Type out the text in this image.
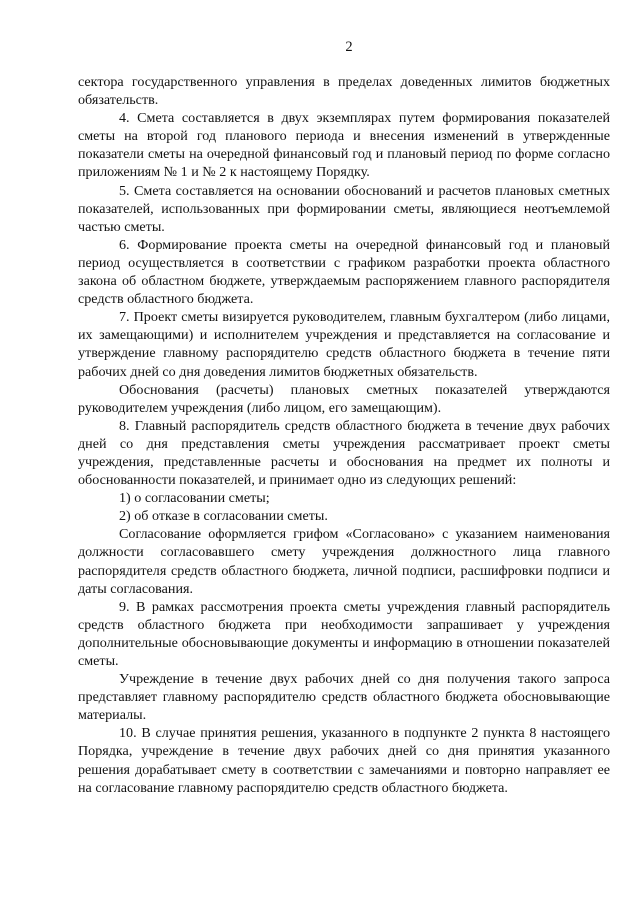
2

сектора государственного управления в пределах доведенных лимитов бюджетных обязательств.

4. Смета составляется в двух экземплярах путем формирования показателей сметы на второй год планового периода и внесения изменений в утвержденные показатели сметы на очередной финансовый год и плановый период по форме согласно приложениям № 1 и № 2 к настоящему Порядку.

5. Смета составляется на основании обоснований и расчетов плановых сметных показателей, использованных при формировании сметы, являющиеся неотъемлемой частью сметы.

6. Формирование проекта сметы на очередной финансовый год и плановый период осуществляется в соответствии с графиком разработки проекта областного закона об областном бюджете, утверждаемым распоряжением главного распорядителя средств областного бюджета.

7. Проект сметы визируется руководителем, главным бухгалтером (либо лицами, их замещающими) и исполнителем учреждения и представляется на согласование и утверждение главному распорядителю средств областного бюджета в течение пяти рабочих дней со дня доведения лимитов бюджетных обязательств.

Обоснования (расчеты) плановых сметных показателей утверждаются руководителем учреждения (либо лицом, его замещающим).

8. Главный распорядитель средств областного бюджета в течение двух рабочих дней со дня представления сметы учреждения рассматривает проект сметы учреждения, представленные расчеты и обоснования на предмет их полноты и обоснованности показателей, и принимает одно из следующих решений:

1) о согласовании сметы;

2) об отказе в согласовании сметы.

Согласование оформляется грифом «Согласовано» с указанием наименования должности согласовавшего смету учреждения должностного лица главного распорядителя средств областного бюджета, личной подписи, расшифровки подписи и даты согласования.

9. В рамках рассмотрения проекта сметы учреждения главный распорядитель средств областного бюджета при необходимости запрашивает у учреждения дополнительные обосновывающие документы и информацию в отношении показателей сметы.

Учреждение в течение двух рабочих дней со дня получения такого запроса представляет главному распорядителю средств областного бюджета обосновывающие материалы.

10. В случае принятия решения, указанного в подпункте 2 пункта 8 настоящего Порядка, учреждение в течение двух рабочих дней со дня принятия указанного решения дорабатывает смету в соответствии с замечаниями и повторно направляет ее на согласование главному распорядителю средств областного бюджета.
